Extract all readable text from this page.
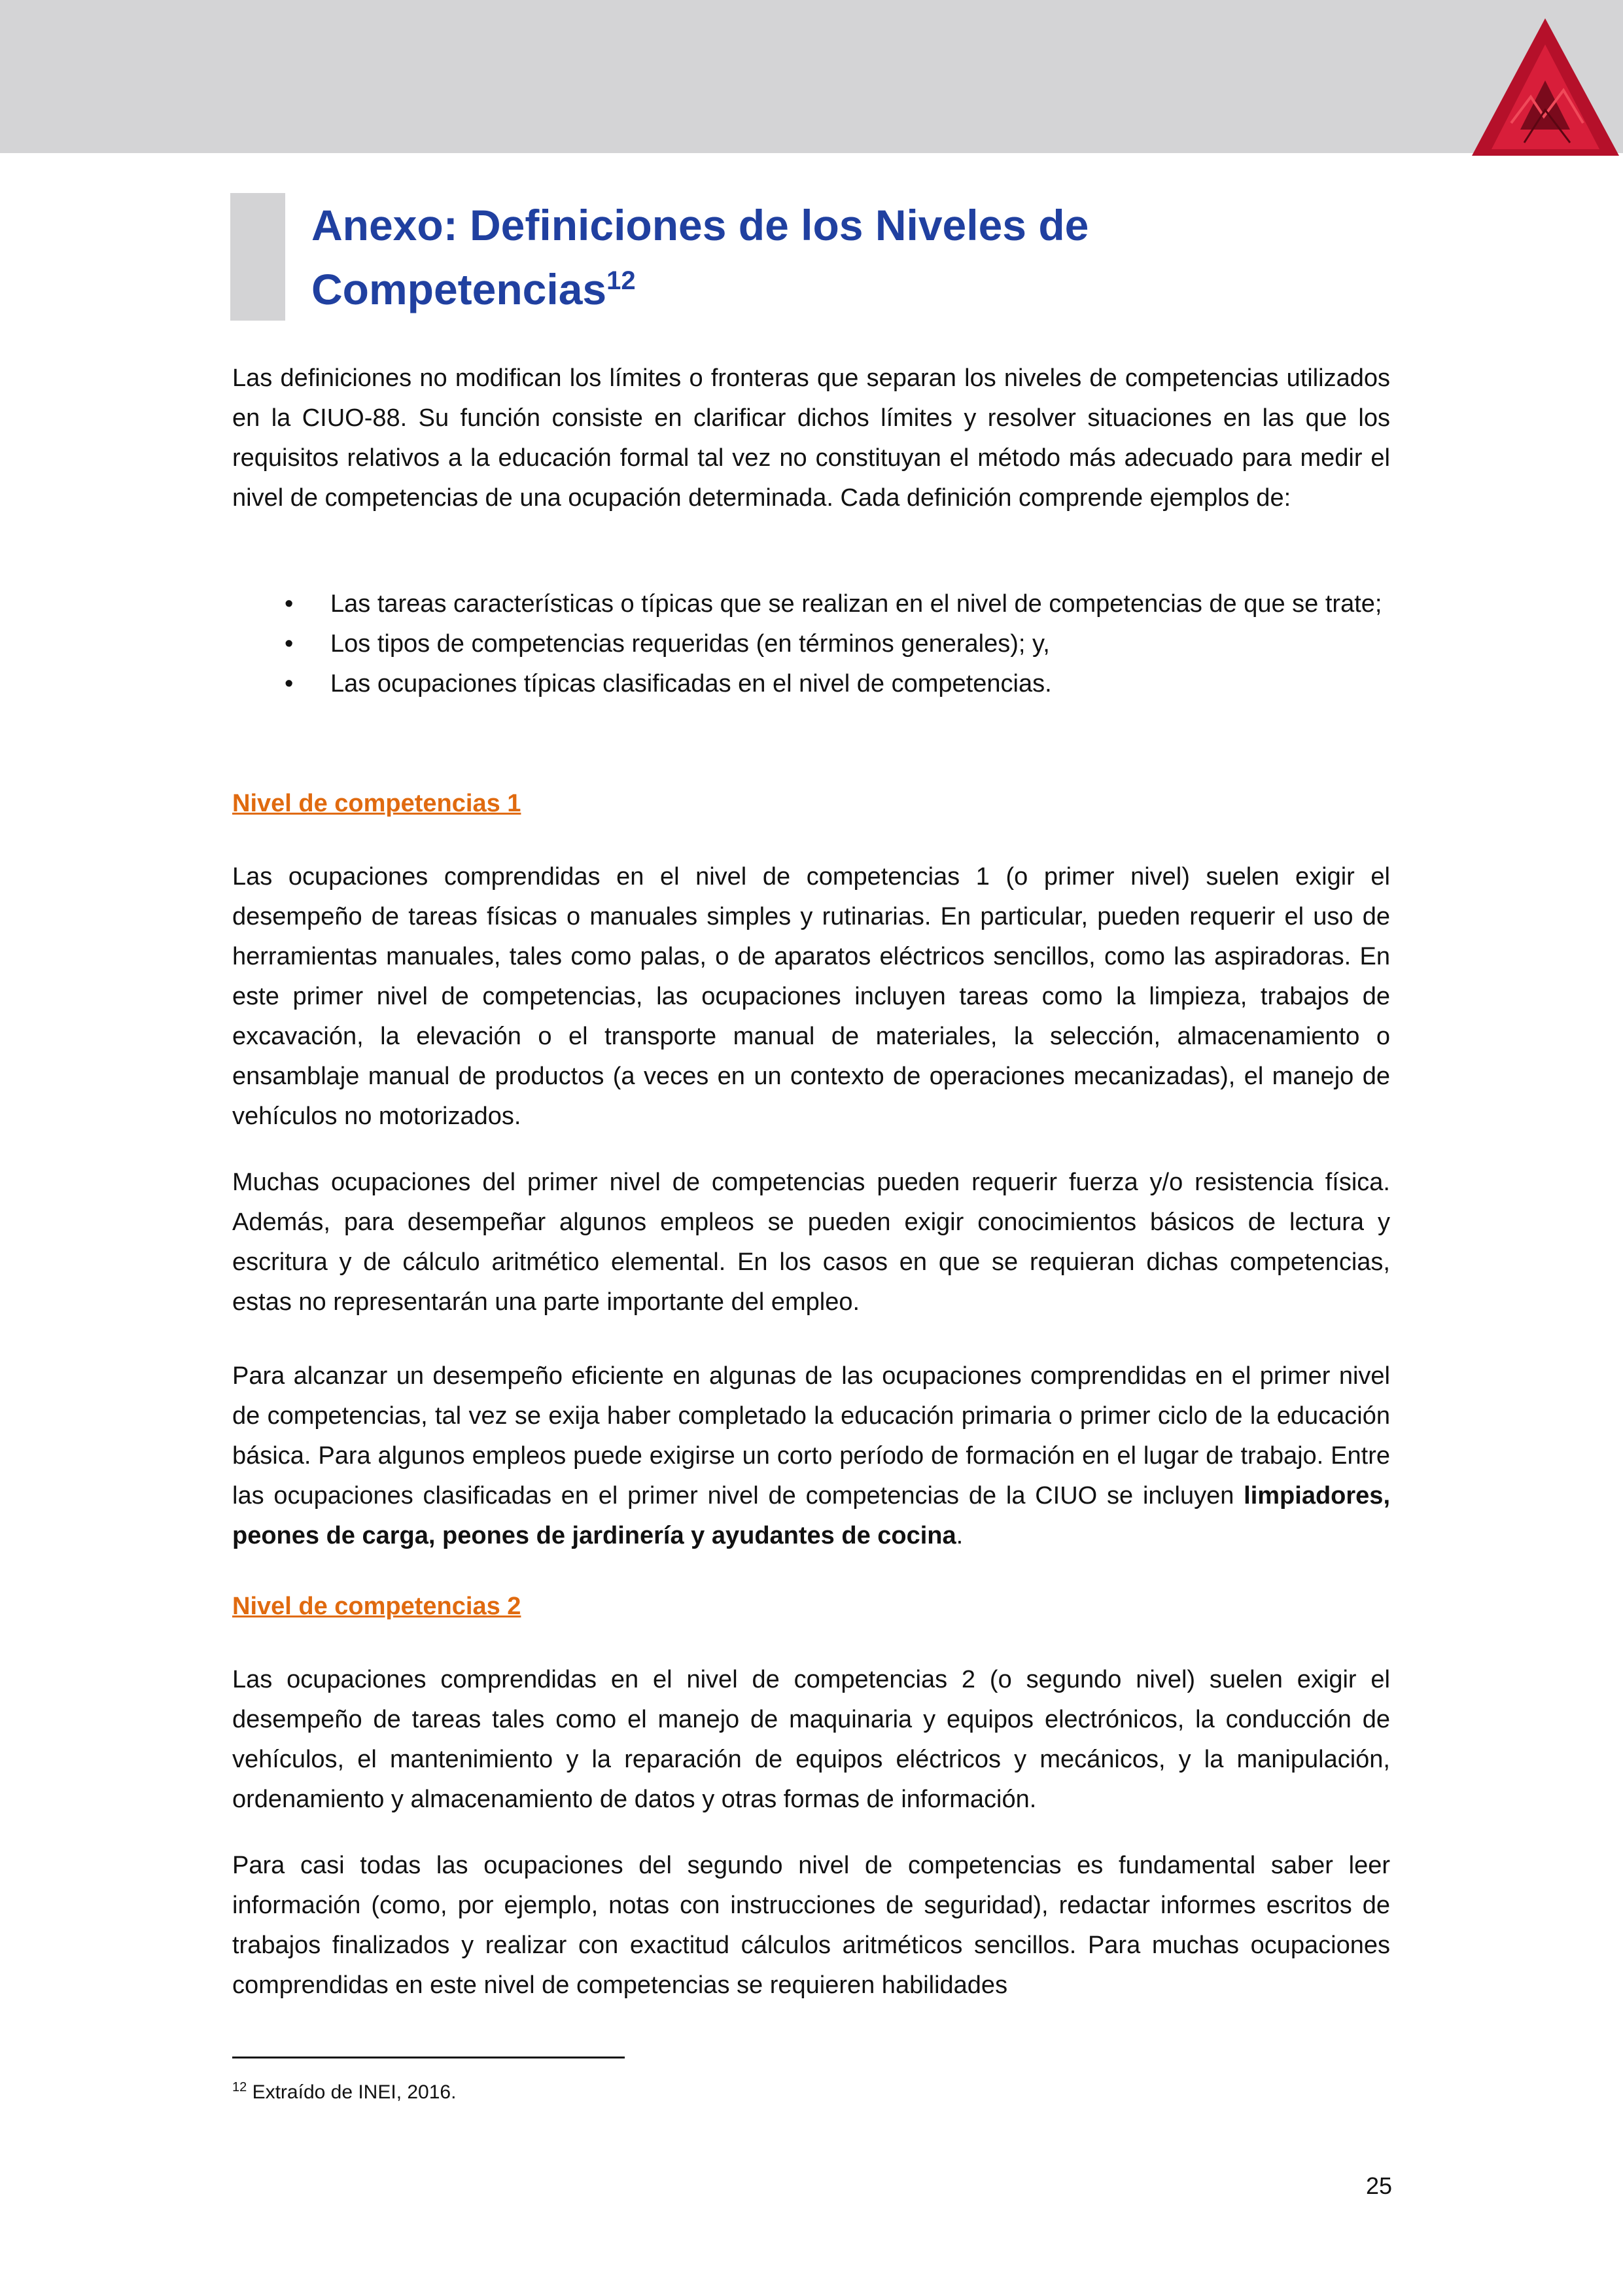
Anexo: Definiciones de los Niveles de
Competencias$^{12}$

Las definiciones no modifican los límites o fronteras que separan los niveles de competencias utilizados en la CIUO-88. Su función consiste en clarificar dichos límites y resolver situaciones en las que los requisitos relativos a la educación formal tal vez no constituyan el método más adecuado para medir el nivel de competencias de una ocupación determinada. Cada definición comprende ejemplos de:

• Las tareas características o típicas que se realizan en el nivel de competencias de que se trate;
• Los tipos de competencias requeridas (en términos generales); y,
• Las ocupaciones típicas clasificadas en el nivel de competencias.
Nivel de competencias 1

Las ocupaciones comprendidas en el nivel de competencias 1 (o primer nivel) suelen exigir el desempeño de tareas físicas o manuales simples y rutinarias. En particular, pueden requerir el uso de herramientas manuales, tales como palas, o de aparatos eléctricos sencillos, como las aspiradoras. En este primer nivel de competencias, las ocupaciones incluyen tareas como la limpieza, trabajos de excavación, la elevación o el transporte manual de materiales, la selección, almacenamiento o ensamblaje manual de productos (a veces en un contexto de operaciones mecanizadas), el manejo de vehículos no motorizados.

Muchas ocupaciones del primer nivel de competencias pueden requerir fuerza y/o resistencia física. Además, para desempeñar algunos empleos se pueden exigir conocimientos básicos de lectura y escritura y de cálculo aritmético elemental. En los casos en que se requieran dichas competencias, estas no representarán una parte importante del empleo.

Para alcanzar un desempeño eficiente en algunas de las ocupaciones comprendidas en el primer nivel de competencias, tal vez se exija haber completado la educación primaria o primer ciclo de la educación básica. Para algunos empleos puede exigirse un corto período de formación en el lugar de trabajo. Entre las ocupaciones clasificadas en el primer nivel de competencias de la CIUO se incluyen limpiadores, peones de carga, peones de jardinería y ayudantes de cocina.

Nivel de competencias 2

Las ocupaciones comprendidas en el nivel de competencias 2 (o segundo nivel) suelen exigir el desempeño de tareas tales como el manejo de maquinaria y equipos electrónicos, la conducción de vehículos, el mantenimiento y la reparación de equipos eléctricos y mecánicos, y la manipulación, ordenamiento y almacenamiento de datos y otras formas de información.

Para casi todas las ocupaciones del segundo nivel de competencias es fundamental saber leer información (como, por ejemplo, notas con instrucciones de seguridad), redactar informes escritos de trabajos finalizados y realizar con exactitud cálculos aritméticos sencillos. Para muchas ocupaciones comprendidas en este nivel de competencias se requieren habilidades

$^{12}$ Extraído de INEI, 2016.

25
